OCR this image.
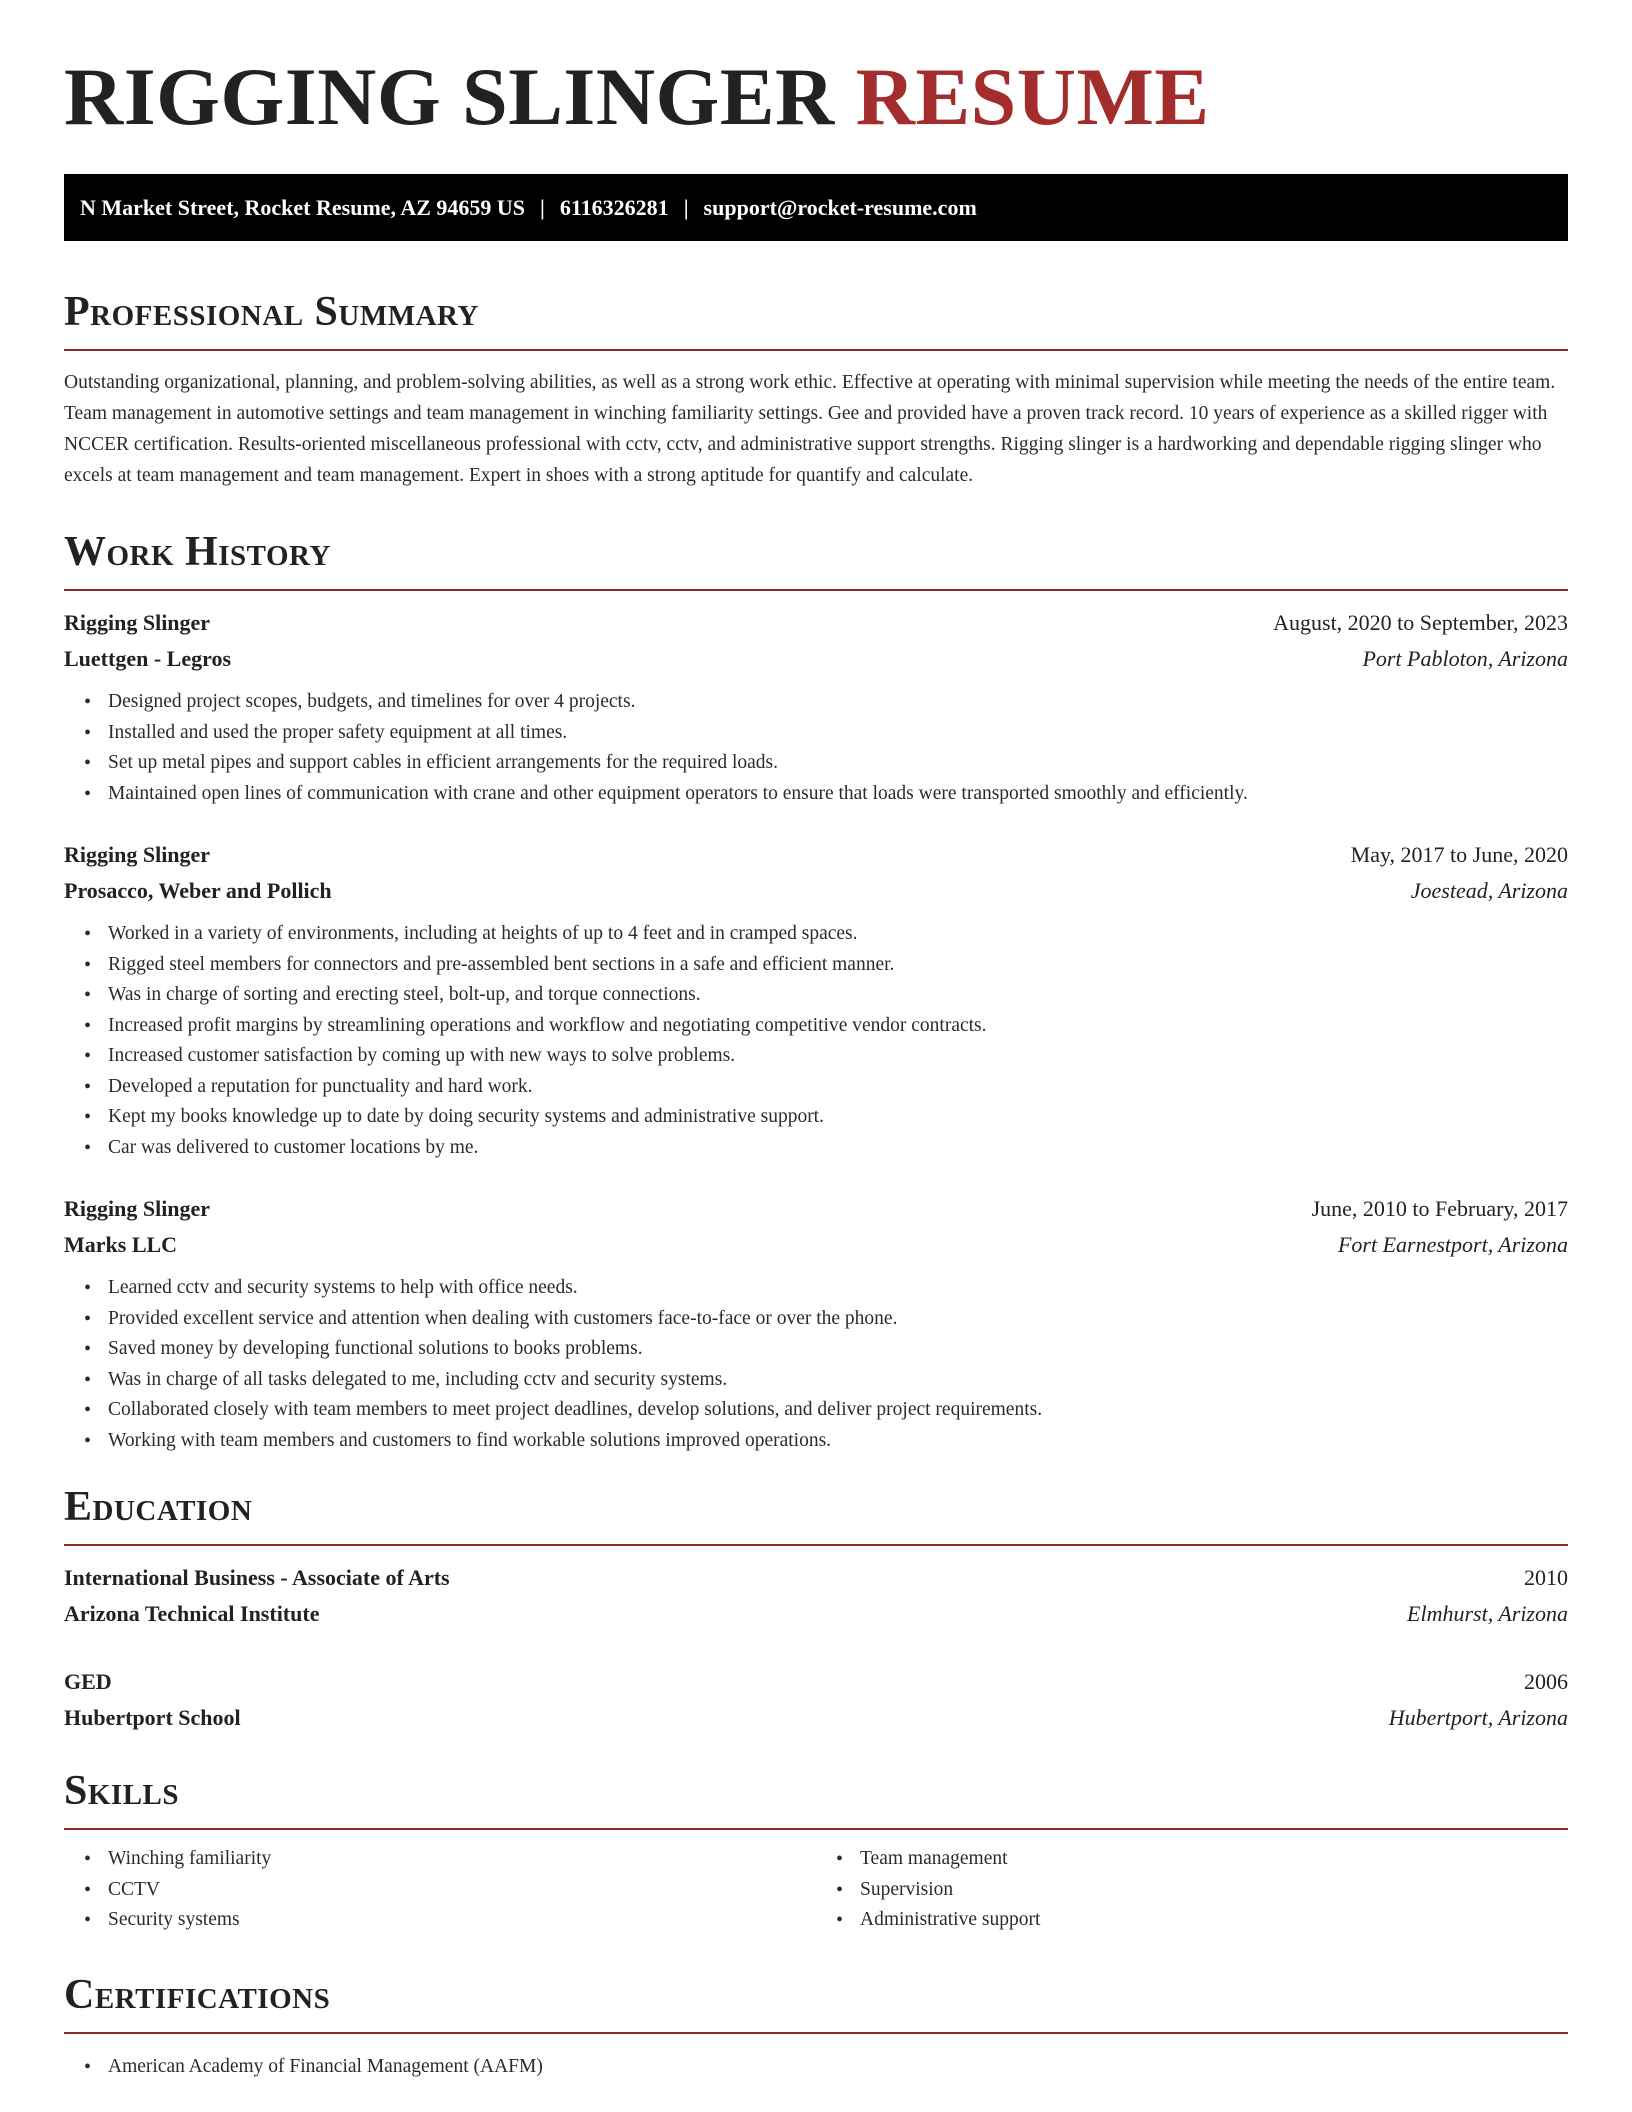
RIGGING SLINGER RESUME
N Market Street, Rocket Resume, AZ 94659 US | 6116326281 | support@rocket-resume.com
Professional Summary

Outstanding organizational, planning, and problem-solving abilities, as well as a strong work ethic. Effective at operating with minimal supervision while meeting the needs of the entire team. Team management in automotive settings and team management in winching familiarity settings. Gee and provided have a proven track record. 10 years of experience as a skilled rigger with NCCER certification. Results-oriented miscellaneous professional with cctv, cctv, and administrative support strengths. Rigging slinger is a hardworking and dependable rigging slinger who excels at team management and team management. Expert in shoes with a strong aptitude for quantify and calculate.

Work History
Rigging Slinger	August, 2020 to September, 2023
Luettgen - Legros	Port Pabloton, Arizona
• Designed project scopes, budgets, and timelines for over 4 projects.
• Installed and used the proper safety equipment at all times.
• Set up metal pipes and support cables in efficient arrangements for the required loads.
• Maintained open lines of communication with crane and other equipment operators to ensure that loads were transported smoothly and efficiently.
Rigging Slinger	May, 2017 to June, 2020
Prosacco, Weber and Pollich	Joestead, Arizona
• Worked in a variety of environments, including at heights of up to 4 feet and in cramped spaces.
• Rigged steel members for connectors and pre-assembled bent sections in a safe and efficient manner.
• Was in charge of sorting and erecting steel, bolt-up, and torque connections.
• Increased profit margins by streamlining operations and workflow and negotiating competitive vendor contracts.
• Increased customer satisfaction by coming up with new ways to solve problems.
• Developed a reputation for punctuality and hard work.
• Kept my books knowledge up to date by doing security systems and administrative support.
• Car was delivered to customer locations by me.
Rigging Slinger	June, 2010 to February, 2017
Marks LLC	Fort Earnestport, Arizona
• Learned cctv and security systems to help with office needs.
• Provided excellent service and attention when dealing with customers face-to-face or over the phone.
• Saved money by developing functional solutions to books problems.
• Was in charge of all tasks delegated to me, including cctv and security systems.
• Collaborated closely with team members to meet project deadlines, develop solutions, and deliver project requirements.
• Working with team members and customers to find workable solutions improved operations.
Education
International Business - Associate of Arts	2010
Arizona Technical Institute	Elmhurst, Arizona
GED	2006
Hubertport School	Hubertport, Arizona
Skills
• Winching familiarity
• CCTV
• Security systems
• Team management
• Supervision
• Administrative support
Certifications
• American Academy of Financial Management (AAFM)
